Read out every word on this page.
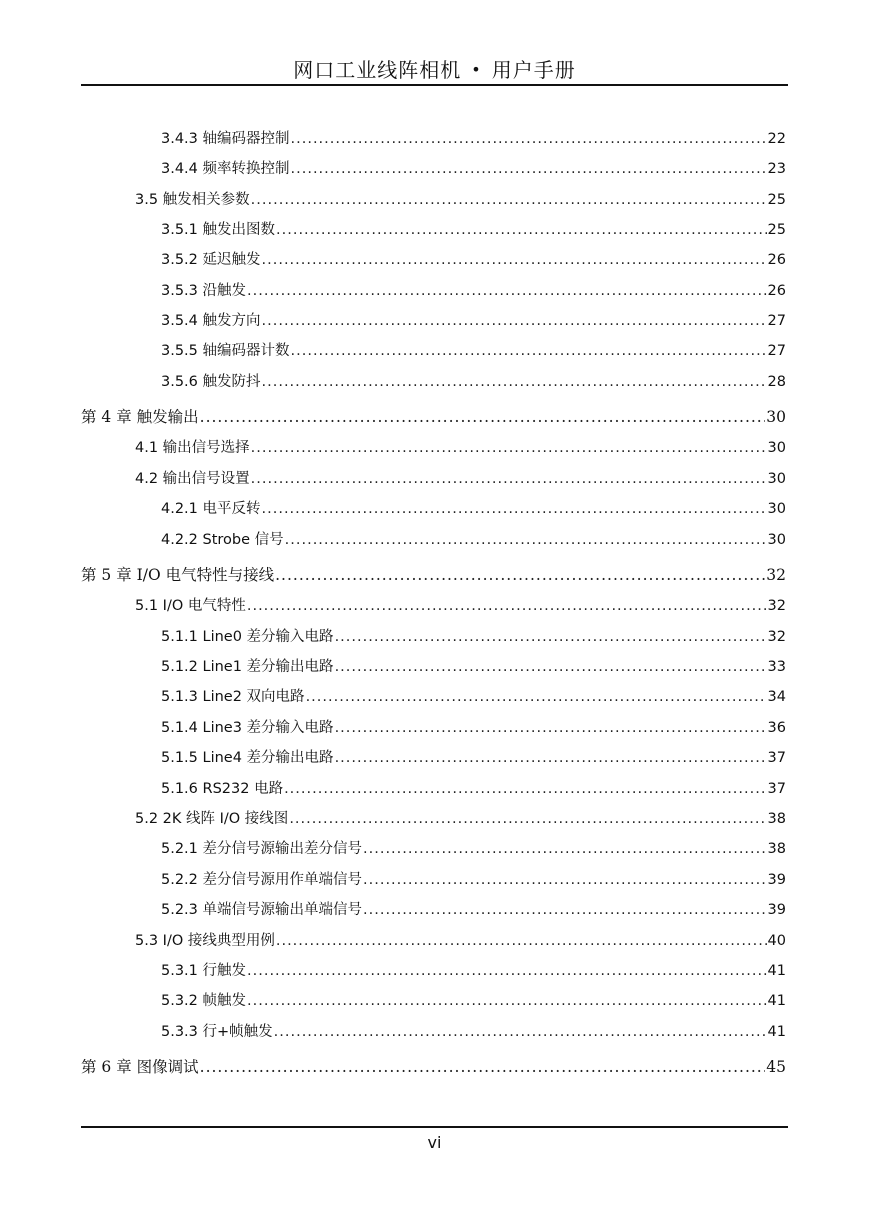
网口工业线阵相机 • 用户手册
3.4.3 轴编码器控制 .....	22
3.4.4 频率转换控制 .....	23
3.5 触发相关参数 .....	25
3.5.1 触发出图数 .....	25
3.5.2 延迟触发 .....	26
3.5.3 沿触发 .....	26
3.5.4 触发方向 .....	27
3.5.5 轴编码器计数 .....	27
3.5.6 触发防抖 .....	28
第 4 章 触发输出 .....	30
4.1 输出信号选择 .....	30
4.2 输出信号设置 .....	30
4.2.1 电平反转 .....	30
4.2.2 Strobe 信号 .....	30
第 5 章 I/O 电气特性与接线 .....	32
5.1 I/O 电气特性 .....	32
5.1.1 Line0 差分输入电路 .....	32
5.1.2 Line1 差分输出电路 .....	33
5.1.3 Line2 双向电路 .....	34
5.1.4 Line3 差分输入电路 .....	36
5.1.5 Line4 差分输出电路 .....	37
5.1.6 RS232 电路 .....	37
5.2 2K 线阵 I/O 接线图 .....	38
5.2.1 差分信号源输出差分信号 .....	38
5.2.2 差分信号源用作单端信号 .....	39
5.2.3 单端信号源输出单端信号 .....	39
5.3 I/O 接线典型用例 .....	40
5.3.1 行触发 .....	41
5.3.2 帧触发 .....	41
5.3.3 行+帧触发 .....	41
第 6 章 图像调试 .....	45
vi
